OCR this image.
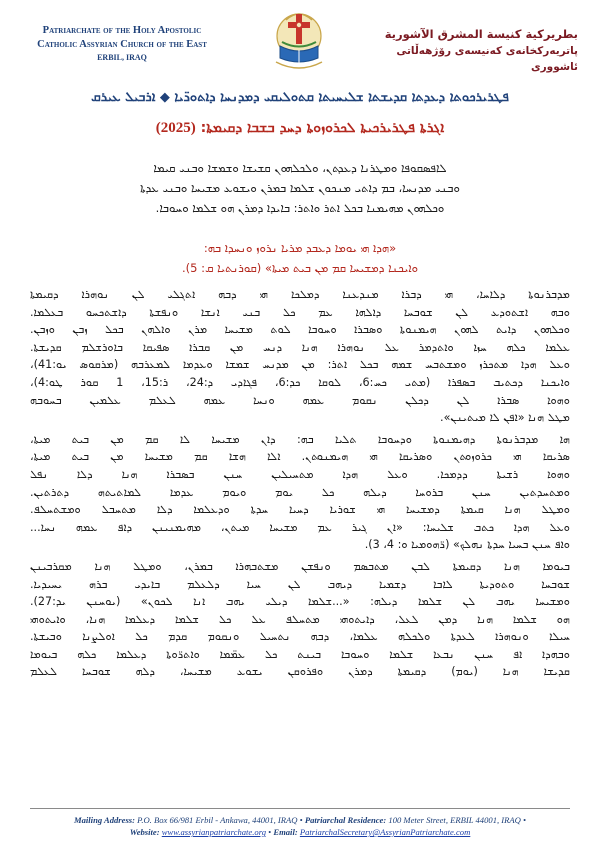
Patriarchate of the Holy Apostolic
Catholic Assyrian Church of the East
ERBIL, IRAQ
بطريركية كنيسة المشرق الآشورية
پاتریەرکخانەی کەنیسەی رۆژهەڵاتی ئاشووری
ܦܛܪܝܪܟܘܬܐ ܕܥܕܬܐ ܩܕܝܫܬܐ ܫܠܝܚܝܬܐ ܩܬܘܠܝܩܝ ܕܡܕܢܚܐ ܕܐܬܘܖ̈ܝܐ ◆ ܐܪܒܝܠ ܥܝܪܩ
ܐܓܪܬܐ ܦܛܪܝܪܟܝܬܐ ܠܟܪܘܙܘܬܐ ܕܚܕ ܒܫܒܐ ܕܩܝܡܬܐ: (2025)
ܠܐܦܣܩܘܦܐ ܘܡܛܪܢܐ ܕܥܕܬܢ، ܘܠܟܠܗܘܢ ܩܫܝܫܐ ܘܫܡܫܐ ܘܒܢܝ ܩܝܡܐ
ܘܒܢܝ ܡܕܢܚܐ، ܒܡ ܕܐܬܝ ܡܢܟܘܢ ܫܠܡܐ ܒܡܪܢ ܘܝܫܘܥ ܡܫܝܚܐ ܘܒܢܝ ܥܕܬܐ
ܘܟܠܗܘܢ ܡܗܝܡܢܐ ܒܟܠ ܐܬܪ ܘܐܬܪ: ܒܐܝܕܐ ܕܡܪܢ ܗܘ ܫܠܡܐ ܘܚܘܒܐ.
«ܗܕܐ ܗܝ ܝܘܡܐ ܕܥܒܕ ܡܪܝܐ ܢܪܘܙ ܘܢܚܕܐ ܒܗ:
ܘܐܝܟܢܐ ܕܡܫܝܚܐ ܩܡ ܡܢ ܒܝܬ ܡܝܬܐ» (ܩܘܪܢܬܝܐ ܩ: 5).
ܡܕܒܪܢܘܬܐ ܕܠܐܚܐ، ܗܝ ܕܒܪܐ ܡܢܕܥܢܐ ܕܡܠܟܐ ܗܝ ܕܒܗ ܐܬܓܠܝ ܠܢ ܢܘܗܪܐ ܕܩܝܡܬܐ
ܘܒܗ ܐܫܬܘܕܥ ܠܢ ܫܘܒܚܐ ܕܐܠܗܐ ܥܡ ܟܠ ܒܢܝ ܐܢܫܐ ܘܢܦܫܬܐ ܕܐܫܬܟܚܘ ܒܥܠܡܐ.
ܘܟܠܗܘܢ ܕܐܝܬ ܠܗܘܢ ܗܝܡܢܘܬܐ ܘܣܒܪܐ ܘܚܘܒܐ ܠܘܬ ܡܫܝܚܐ ܡܪܢ ܘܐܠܗܢ ܒܟܠ ܙܒܢ ܘܙܒܢ.
ܥܠܡܐ ܟܠܗ ܚܙܐ ܘܐܬܕܡܪ ܥܠ ܢܘܗܪܐ ܗܢܐ ܕܢܚ ܡܢ ܩܒܪܐ ܣܦܝܩܐ ܒܐܘܪܫܠܡ ܩܕܝܫܬܐ.
ܘܥܠ ܗܕܐ ܡܬܟܪܙ ܘܡܫܬܒܚ ܫܡܗ ܒܟܠ ܐܬܪ: ܡܢ ܡܕܢܚ ܫܡܫܐ ܘܥܕܡܐ ܠܡܥܪܒܗ (ܡܪܩܘܣ ܝܘ:41)،
ܘܐܝܟܢܐ ܕܟܬܝܒ ܒܣܦܪܐ (ܡܬܝ ܟܚ:6، ܠܘܩܐ ܟܕ:6، ܦܓܐܕܝ ܕ:24، ܪ:15، 1 ܩܘܪ ܛܘ:4)،
ܘܗܘܐ ܣܒܪܐ ܠܢ ܕܟܠܢ ܢܩܘܡ ܥܡܗ ܘܢܚܐ ܥܡܗ ܠܥܠܡ ܥܠܡܝܢ ܒܚܘܒܗ
ܡܛܠ ܗܢܐ «ܐܦܢ ܠܐ ܡܝܬܝܢܢ».
ܗܐ ܡܕܒܪܢܘܬܐ ܕܗܝܡܢܘܬܐ ܘܕܚܘܒܐ ܬܠܝܐ ܒܗ: ܕܐܢ ܡܫܝܚܐ ܠܐ ܩܡ ܡܢ ܒܝܬ ܡܝܬܐ،
ܣܪܝܩܐ ܗܝ ܟܪܘܙܘܬܢ ܘܣܪܝܩܐ ܗܝ ܗܝܡܢܘܬܢ. ܐܠܐ ܗܫܐ ܩܡ ܡܫܝܚܐ ܡܢ ܒܝܬ ܡܝܬܐ،
ܘܗܘܐ ܪܫܝܬܐ ܕܕܡܟܐ. ܘܥܠ ܗܕܐ ܡܬܚܝܠܝܢ ܚܢܢ ܒܣܒܪܐ ܗܢܐ ܕܠܐ ܢܦܠ
ܘܡܬܚܕܬܝܢ ܚܢܢ ܒܪܘܚܐ ܕܝܠܗ ܟܠ ܝܘܡ ܘܝܘܡ ܥܕܡܐ ܠܡܐܬܝܬܗ ܕܬܪܬܝܢ.
ܘܡܛܠ ܗܢܐ ܩܝܡܬܐ ܕܡܫܝܚܐ ܗܝ ܫܘܪܝܐ ܕܚܝܐ ܚܕܬܐ ܘܕܥܠܡܐ ܕܠܐ ܡܬܚܒܠ ܘܡܫܬܚܠܦ.
ܘܥܠ ܗܕܐ ܟܬܒ ܫܠܝܚܐ: «ܐܢ ܓܝܪ ܥܡ ܡܫܝܚܐ ܡܝܬܢ، ܡܗܝܡܢܝܢܢ ܕܐܦ ܥܡܗ ܢܚܐ...
ܘܐܦ ܚܢܢ ܒܚܝܐ ܚܕܬܐ ܢܗܠܟ» (ܪ̈ܗܘܡܝܐ ܘ: 4، 3).
ܒܝܘܡܐ ܗܢܐ ܕܩܝܡܬܐ ܠܒܢ ܡܬܒܣܡ ܘܢܦܫܢ ܡܫܬܒܗܪܐ ܒܡܪܢ، ܘܡܛܠ ܗܢܐ ܡܩܪܒܝܢܢ
ܫܘܒܚܐ ܘܬܘܕܝܬܐ ܠܐܒܐ ܕܫܡܝܐ ܕܝܗܒ ܠܢ ܚܝܐ ܕܠܥܠܡ ܒܐܝܕܝ ܒܪܗ ܝܚܝܕܝܐ.
ܘܡܫܝܚܐ ܝܗܒ ܠܢ ܫܠܡܐ ܕܝܠܗ: «...ܫܠܡܐ ܕܝܠܝ ܝܗܒ ܐܢܐ ܠܟܘܢ» (ܝܘܚܢܢ ܝܕ:27).
ܗܘ ܫܠܡܐ ܗܢܐ ܕܡܢ ܠܥܠ، ܕܐܝܬܘܗܝ ܡܬܚܠܦ ܥܠ ܟܠ ܫܠܡܐ ܕܥܠܡܐ ܗܢܐ، ܘܐܝܬܘܗܝ
ܚܝܠܐ ܘܢܘܗܪܐ ܠܥܕܬܐ ܘܠܟܠܗ ܥܠܡܐ، ܕܒܗ ܢܬܚܝܠ ܘܢܩܘܡ ܩܕܡ ܟܠ ܐܘܠܨܢܐ ܘܒܝܫܬܐ.
ܘܒܗܕܐ ܐܦ ܚܢܢ ܢܒܥܐ ܫܠܡܐ ܘܚܘܒܐ ܒܝܢܬ ܟܠ ܥܡ̈ܡܐ ܘܐܬܪ̈ܘܬܐ ܕܥܠܡܐ ܟܠܗ ܒܝܘܡܐ
ܩܕܝܫܐ ܗܢܐ (ܝܘܡ) ܕܩܝܡܬܐ ܕܡܪܢ ܘܦܪܘܩܢ ܝܫܘܥ ܡܫܝܚܐ، ܕܠܗ ܫܘܒܚܐ ܠܥܠܡ
Mailing Address: P.O. Box 66/981 Erbil - Ankawa, 44001, IRAQ • Patriarchal Residence: 100 Meter Street, ERBIL 44001, IRAQ •
Website: www.assyrianpatriarchate.org • Email: PatriarchalSecretary@AssyrianPatriarchate.com
